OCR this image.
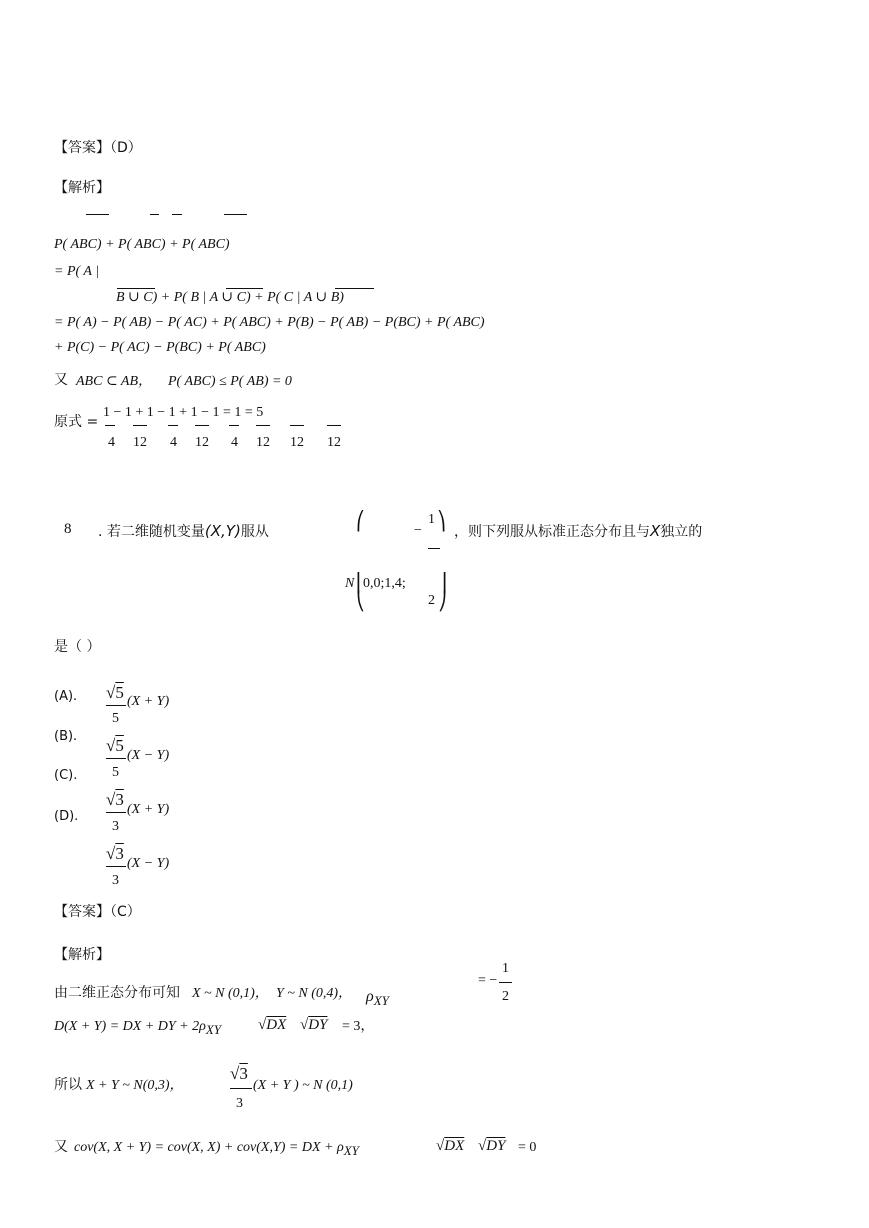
【答案】（D）
【解析】
P( ABC) + P( ABC) + P( ABC)
= P( A |
B ∪ C) + P( B | A ∪ C) + P( C | A ∪ B)
= P( A) − P( AB) − P( AC) + P( ABC) + P(B) − P( AB) − P(BC) + P( ABC)
+ P(C) − P( AC) − P(BC) + P( ABC)
又 ABC ⊂ AB， P( ABC) ≤ P( AB) = 0
原式 =
1 − 1 + 1 − 1 + 1 − 1 = 1 = 5
4 12 4 12 4 12 12 12
8 . 若二维随机变量(X,Y)服从
⎛
⎝
−
1 ⎞
N ⎜
0,0;1,4;
2
⎟
⎠
，则下列服从标准正态分布且与X独立的
是（ ）
(A).
(B).
(C).
(D).
√5 (X + Y)
5
√5
(X − Y)
5
√3
(X + Y)
3
√3
(X − Y)
3
【答案】（C）
【解析】
由二维正态分布可知 X ~ N (0,1)， Y ~ N (0,4)， $\rho_{XY}$
= −
1
2
D(X + Y) = DX + DY + $2\rho_{XY}$ √DX √DY = 3，
所以 X + Y ~ N(0,3)，
√3
(X + Y ) ~ N (0,1)
3
又 cov(X, X + Y) = cov(X, X) + cov(X,Y) = DX + $\rho_{XY}$	√DX √DY = 0
